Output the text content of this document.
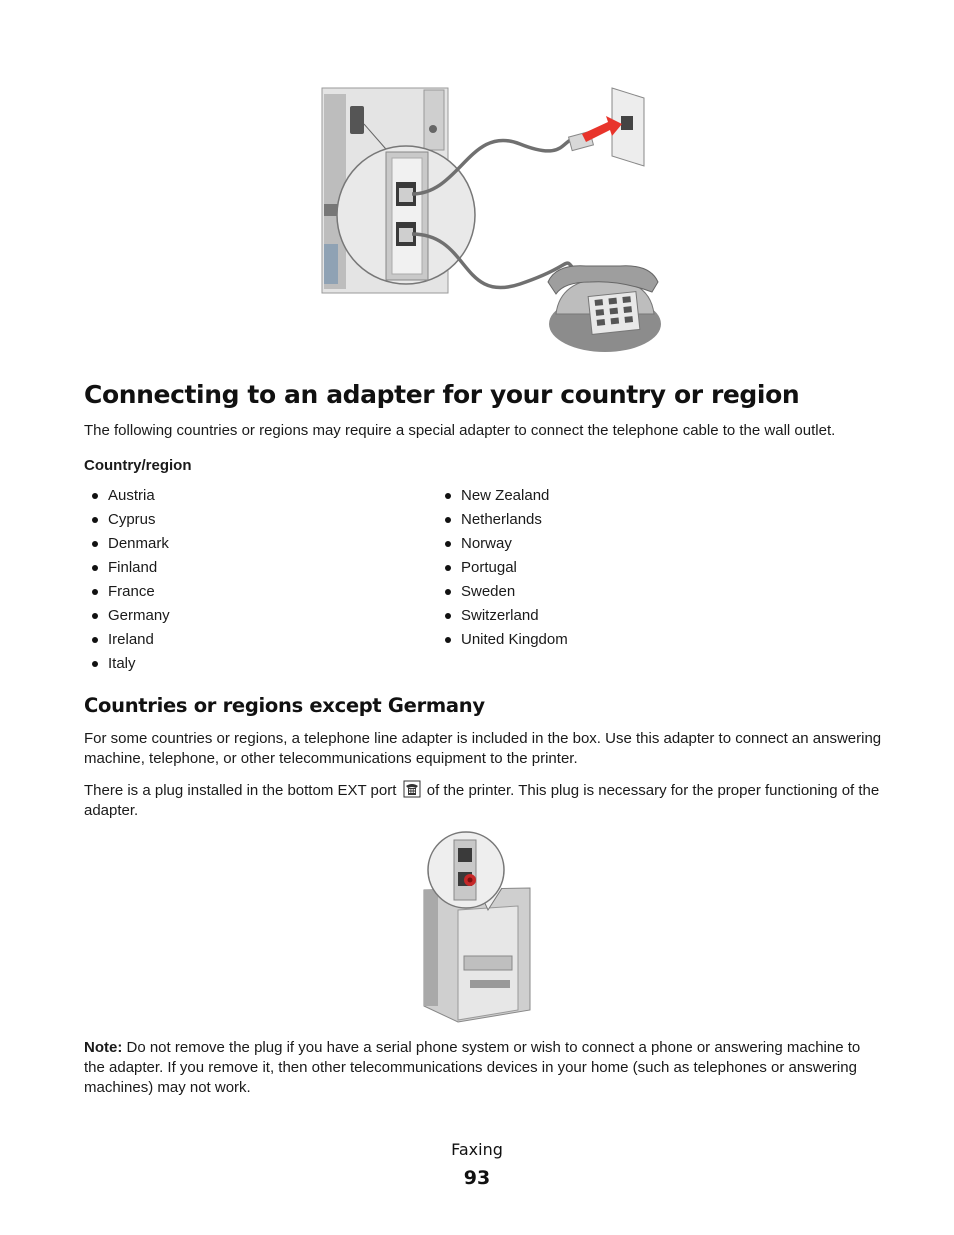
Connecting to an adapter for your country or region

The following countries or regions may require a special adapter to connect the telephone cable to the wall outlet.

Country/region

Austria
Cyprus
Denmark
Finland
France
Germany
Ireland
Italy
New Zealand
Netherlands
Norway
Portugal
Sweden
Switzerland
United Kingdom
Countries or regions except Germany

For some countries or regions, a telephone line adapter is included in the box. Use this adapter to connect an answering machine, telephone, or other telecommunications equipment to the printer.

There is a plug installed in the bottom EXT port of the printer. This plug is necessary for the proper functioning of the adapter.

Note: Do not remove the plug if you have a serial phone system or wish to connect a phone or answering machine to the adapter. If you remove it, then other telecommunications devices in your home (such as telephones or answering machines) may not work.

Faxing
93
